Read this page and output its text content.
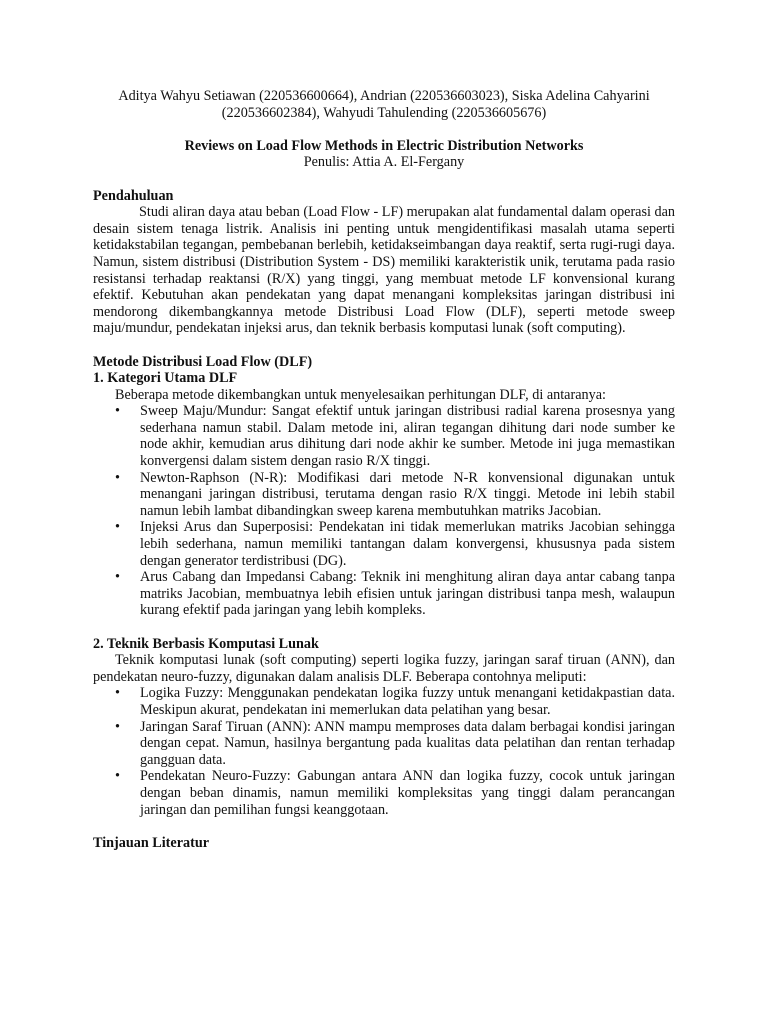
Aditya Wahyu Setiawan (220536600664), Andrian (220536603023), Siska Adelina Cahyarini (220536602384), Wahyudi Tahulending (220536605676)
Reviews on Load Flow Methods in Electric Distribution Networks
Penulis: Attia A. El-Fergany
Pendahuluan

Studi aliran daya atau beban (Load Flow - LF) merupakan alat fundamental dalam operasi dan desain sistem tenaga listrik. Analisis ini penting untuk mengidentifikasi masalah utama seperti ketidakstabilan tegangan, pembebanan berlebih, ketidakseimbangan daya reaktif, serta rugi-rugi daya. Namun, sistem distribusi (Distribution System - DS) memiliki karakteristik unik, terutama pada rasio resistansi terhadap reaktansi (R/X) yang tinggi, yang membuat metode LF konvensional kurang efektif. Kebutuhan akan pendekatan yang dapat menangani kompleksitas jaringan distribusi ini mendorong dikembangkannya metode Distribusi Load Flow (DLF), seperti metode sweep maju/mundur, pendekatan injeksi arus, dan teknik berbasis komputasi lunak (soft computing).

Metode Distribusi Load Flow (DLF)
1. Kategori Utama DLF

Beberapa metode dikembangkan untuk menyelesaikan perhitungan DLF, di antaranya:

• Sweep Maju/Mundur: Sangat efektif untuk jaringan distribusi radial karena prosesnya yang sederhana namun stabil. Dalam metode ini, aliran tegangan dihitung dari node sumber ke node akhir, kemudian arus dihitung dari node akhir ke sumber. Metode ini juga memastikan konvergensi dalam sistem dengan rasio R/X tinggi.
• Newton-Raphson (N-R): Modifikasi dari metode N-R konvensional digunakan untuk menangani jaringan distribusi, terutama dengan rasio R/X tinggi. Metode ini lebih stabil namun lebih lambat dibandingkan sweep karena membutuhkan matriks Jacobian.
• Injeksi Arus dan Superposisi: Pendekatan ini tidak memerlukan matriks Jacobian sehingga lebih sederhana, namun memiliki tantangan dalam konvergensi, khususnya pada sistem dengan generator terdistribusi (DG).
• Arus Cabang dan Impedansi Cabang: Teknik ini menghitung aliran daya antar cabang tanpa matriks Jacobian, membuatnya lebih efisien untuk jaringan distribusi tanpa mesh, walaupun kurang efektif pada jaringan yang lebih kompleks.
2. Teknik Berbasis Komputasi Lunak

Teknik komputasi lunak (soft computing) seperti logika fuzzy, jaringan saraf tiruan (ANN), dan pendekatan neuro-fuzzy, digunakan dalam analisis DLF. Beberapa contohnya meliputi:

• Logika Fuzzy: Menggunakan pendekatan logika fuzzy untuk menangani ketidakpastian data. Meskipun akurat, pendekatan ini memerlukan data pelatihan yang besar.
• Jaringan Saraf Tiruan (ANN): ANN mampu memproses data dalam berbagai kondisi jaringan dengan cepat. Namun, hasilnya bergantung pada kualitas data pelatihan dan rentan terhadap gangguan data.
• Pendekatan Neuro-Fuzzy: Gabungan antara ANN dan logika fuzzy, cocok untuk jaringan dengan beban dinamis, namun memiliki kompleksitas yang tinggi dalam perancangan jaringan dan pemilihan fungsi keanggotaan.
Tinjauan Literatur
